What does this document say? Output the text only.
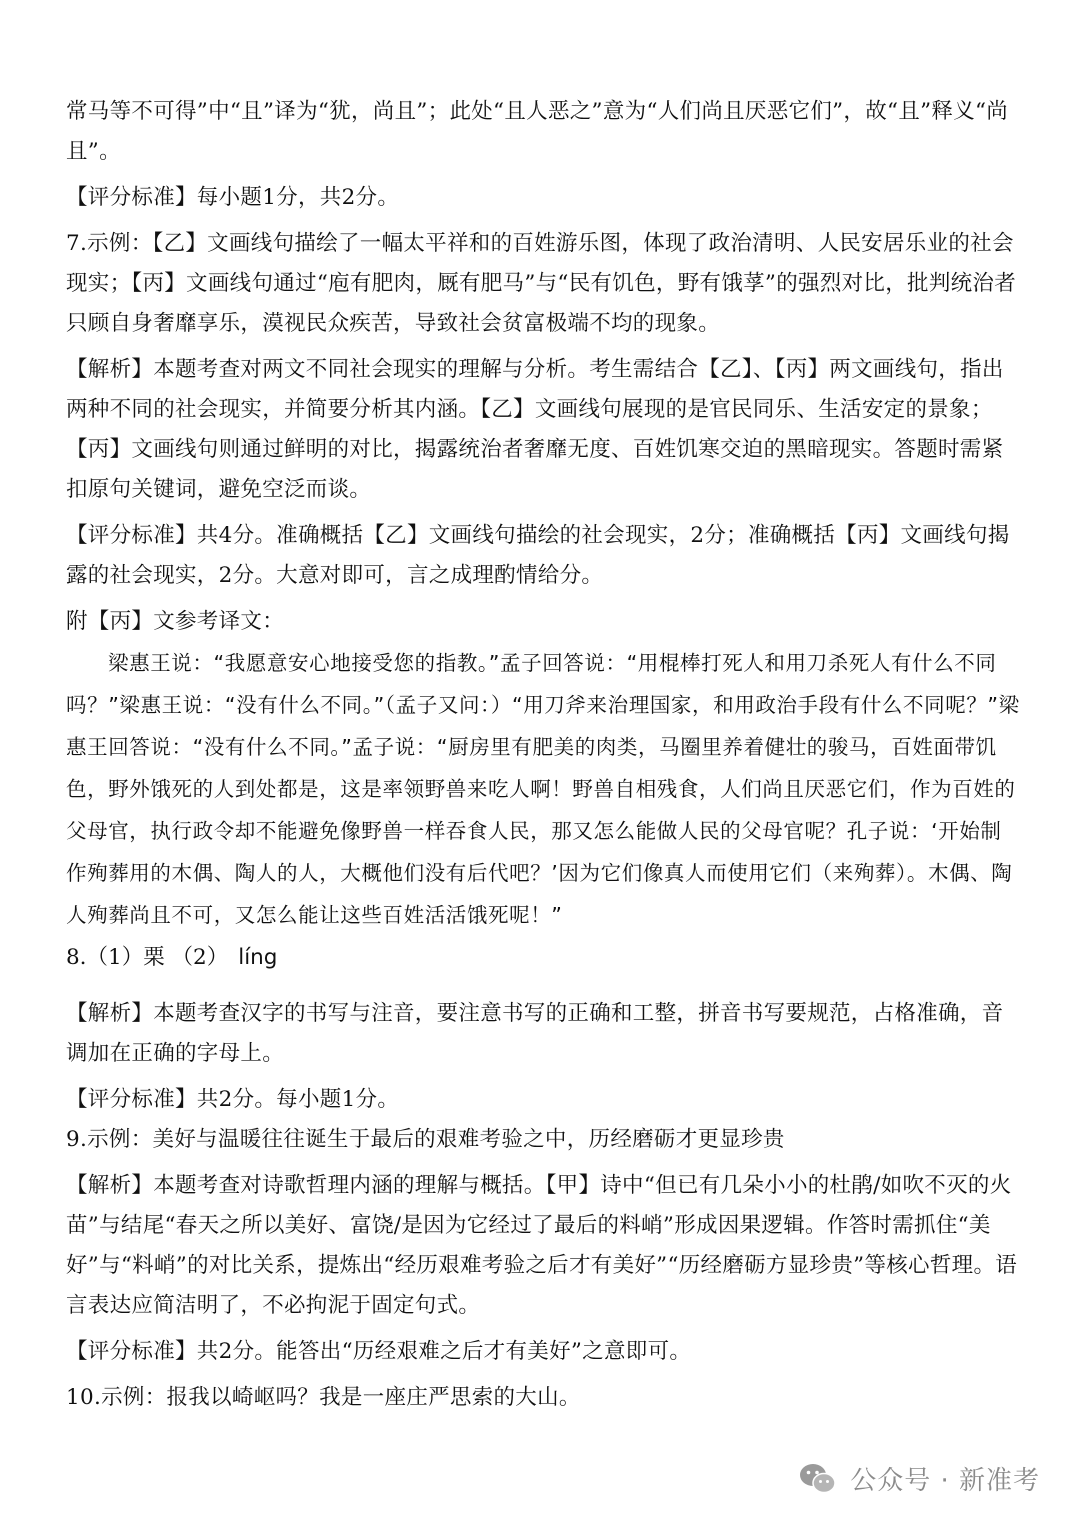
常马等不可得”中“且”译为“犹，尚且”；此处“且人恶之”意为“人们尚且厌恶它们”，故“且”释义“尚且”。

【评分标准】每小题1分，共2分。

7.示例：【乙】文画线句描绘了一幅太平祥和的百姓游乐图，体现了政治清明、人民安居乐业的社会现实；【丙】文画线句通过“庖有肥肉，厩有肥马”与“民有饥色，野有饿莩”的强烈对比，批判统治者只顾自身奢靡享乐，漠视民众疾苦，导致社会贫富极端不均的现象。

【解析】本题考查对两文不同社会现实的理解与分析。考生需结合【乙】、【丙】两文画线句，指出两种不同的社会现实，并简要分析其内涵。【乙】文画线句展现的是官民同乐、生活安定的景象；【丙】文画线句则通过鲜明的对比，揭露统治者奢靡无度、百姓饥寒交迫的黑暗现实。答题时需紧扣原句关键词，避免空泛而谈。

【评分标准】共4分。准确概括【乙】文画线句描绘的社会现实，2分；准确概括【丙】文画线句揭露的社会现实，2分。大意对即可，言之成理酌情给分。

附【丙】文参考译文：

梁惠王说：“我愿意安心地接受您的指教。”孟子回答说：“用棍棒打死人和用刀杀死人有什么不同吗？”梁惠王说：“没有什么不同。”（孟子又问：）“用刀斧来治理国家，和用政治手段有什么不同呢？”梁惠王回答说：“没有什么不同。”孟子说：“厨房里有肥美的肉类，马圈里养着健壮的骏马，百姓面带饥色，野外饿死的人到处都是，这是率领野兽来吃人啊！野兽自相残食，人们尚且厌恶它们，作为百姓的父母官，执行政令却不能避免像野兽一样吞食人民，那又怎么能做人民的父母官呢？孔子说：‘开始制作殉葬用的木偶、陶人的人，大概他们没有后代吧？’因为它们像真人而使用它们（来殉葬）。木偶、陶人殉葬尚且不可，又怎么能让这些百姓活活饿死呢！”

8.（1）栗 （2） líng

【解析】本题考查汉字的书写与注音，要注意书写的正确和工整，拼音书写要规范，占格准确，音调加在正确的字母上。

【评分标准】共2分。每小题1分。

9.示例：美好与温暖往往诞生于最后的艰难考验之中，历经磨砺才更显珍贵

【解析】本题考查对诗歌哲理内涵的理解与概括。【甲】诗中“但已有几朵小小的杜鹃/如吹不灭的火苗”与结尾“春天之所以美好、富饶/是因为它经过了最后的料峭”形成因果逻辑。作答时需抓住“美好”与“料峭”的对比关系，提炼出“经历艰难考验之后才有美好”“历经磨砺方显珍贵”等核心哲理。语言表达应简洁明了，不必拘泥于固定句式。

【评分标准】共2分。能答出“历经艰难之后才有美好”之意即可。

10.示例：报我以崎岖吗？我是一座庄严思索的大山。

公众号 · 新准考
